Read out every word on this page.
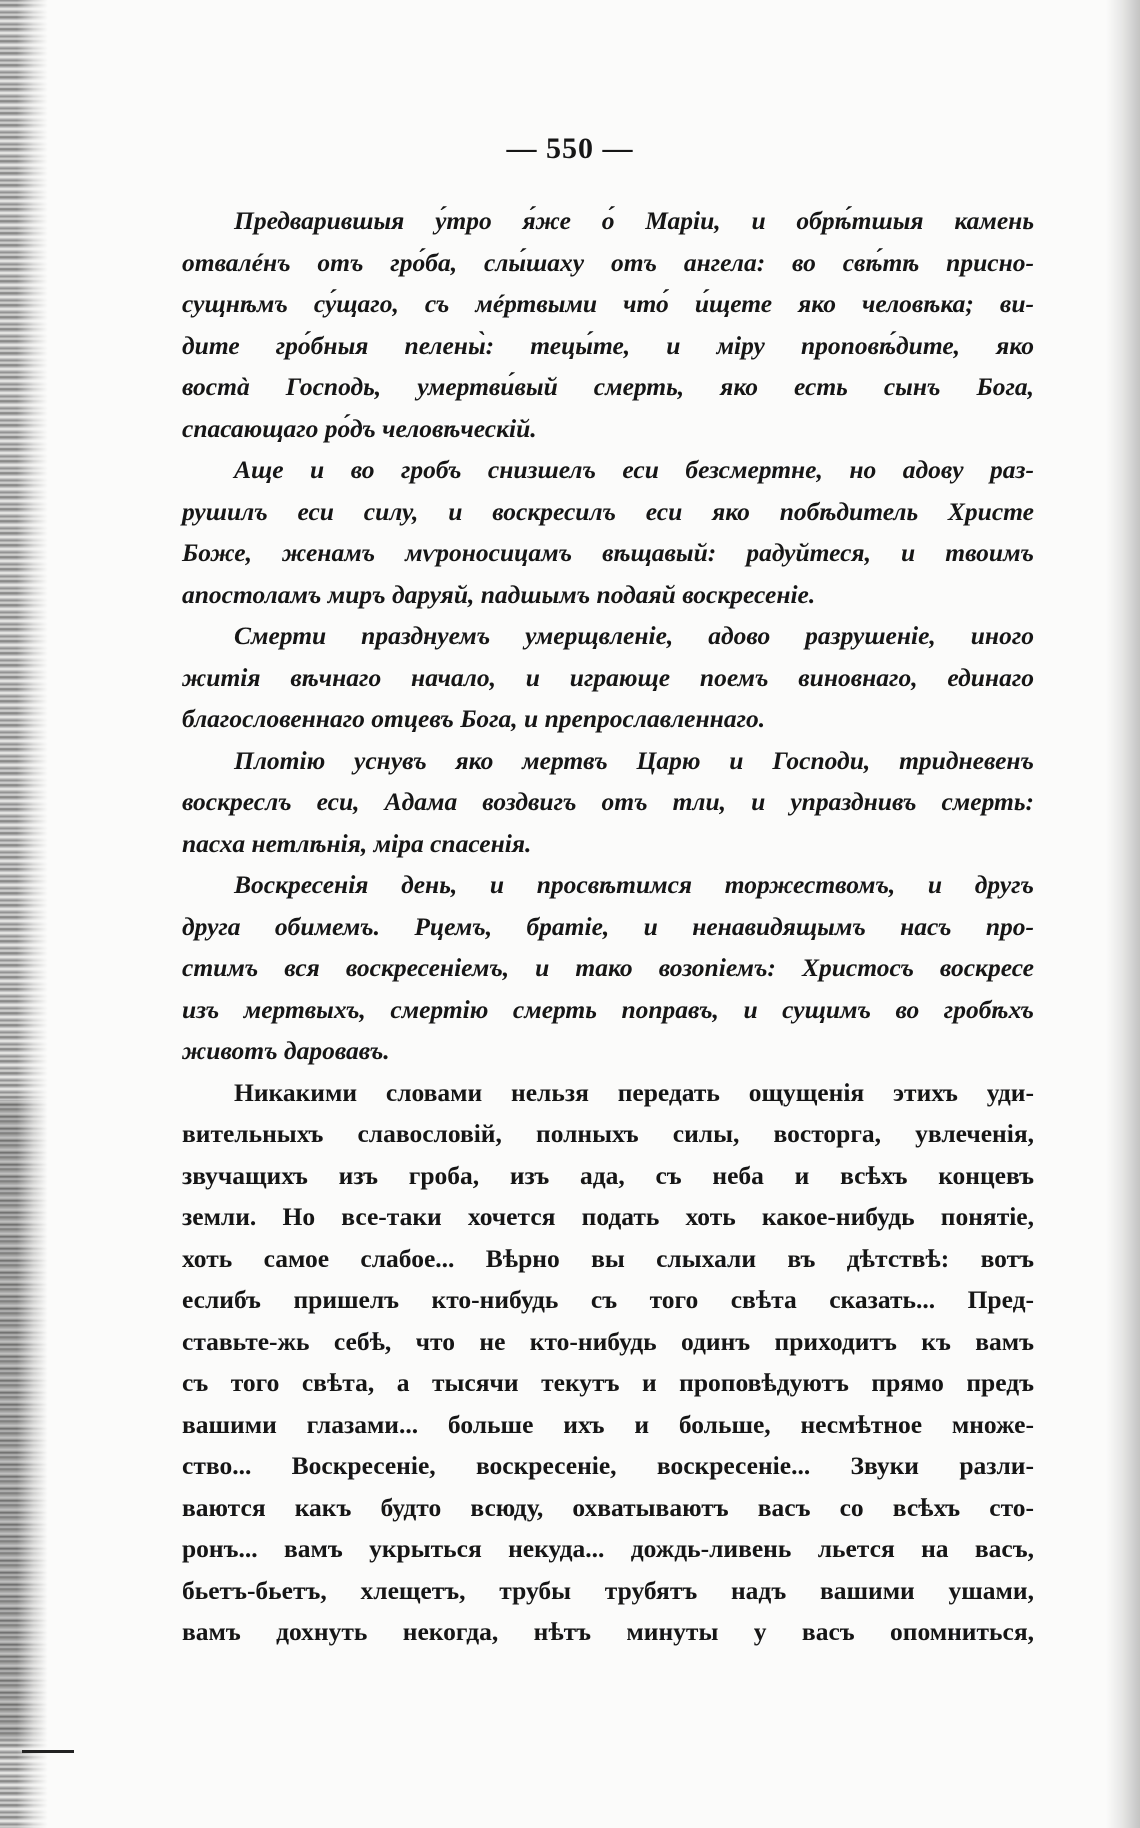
— 550 —

Предварившыя у́тро я́же о́ Маріи, и обрѣ́тшыя камень
отвалéнъ отъ гро́ба, слы́шаху отъ ангела: во свѣ́тѣ присно-
сущнѣмъ су́щаго, съ мéртвыми что́ и́щете яко человѣка; ви-
дите гро́бныя пелены̀: тецы́те, и міру проповѣ́дите, яко
востà Господь, умертви́вый смерть, яко есть сынъ Бога,
спасающаго ро́дъ человѣческій.

Аще и во гробъ снизшелъ еси безсмертне, но адову раз-
рушилъ еси силу, и воскресилъ еси яко побѣдитель Христе
Боже, женамъ мѵроносицамъ вѣщавый: радуйтеся, и твоимъ
апостоламъ миръ даруяй, падшымъ подаяй воскресеніе.

Смерти празднуемъ умерщвленіе, адово разрушеніе, иного
житія вѣчнаго начало, и играюще поемъ виновнаго, единаго
благословеннаго отцевъ Бога, и препрославленнаго.

Плотію уснувъ яко мертвъ Царю и Господи, тридневенъ
воскреслъ еси, Адама воздвигъ отъ тли, и упразднивъ смерть:
пасха нетлѣнія, міра спасенія.

Воскресенія день, и просвѣтимся торжествомъ, и другъ
друга обимемъ. Рцемъ, братіе, и ненавидящымъ насъ про-
стимъ вся воскресеніемъ, и тако возопіемъ: Христосъ воскресе
изъ мертвыхъ, смертію смерть поправъ, и сущимъ во гробѣхъ
животъ даровавъ.

Никакими словами нельзя передать ощущенія этихъ уди-
вительныхъ славословій, полныхъ силы, восторга, увлеченія,
звучащихъ изъ гроба, изъ ада, съ неба и всѣхъ концевъ
земли. Но все-таки хочется подать хоть какое-нибудь понятіе,
хоть самое слабое... Вѣрно вы слыхали въ дѣтствѣ: вотъ
еслибъ пришелъ кто-нибудь съ того свѣта сказать... Пред-
ставьте-жь себѣ, что не кто-нибудь одинъ приходитъ къ вамъ
съ того свѣта, а тысячи текутъ и проповѣдуютъ прямо предъ
вашими глазами... больше ихъ и больше, несмѣтное множе-
ство... Воскресеніе, воскресеніе, воскресеніе... Звуки разли-
ваются какъ будто всюду, охватываютъ васъ со всѣхъ сто-
ронъ... вамъ укрыться некуда... дождь-ливень льется на васъ,
бьетъ-бьетъ, хлещетъ, трубы трубятъ надъ вашими ушами,
вамъ дохнуть некогда, нѣтъ минуты у васъ опомниться,
